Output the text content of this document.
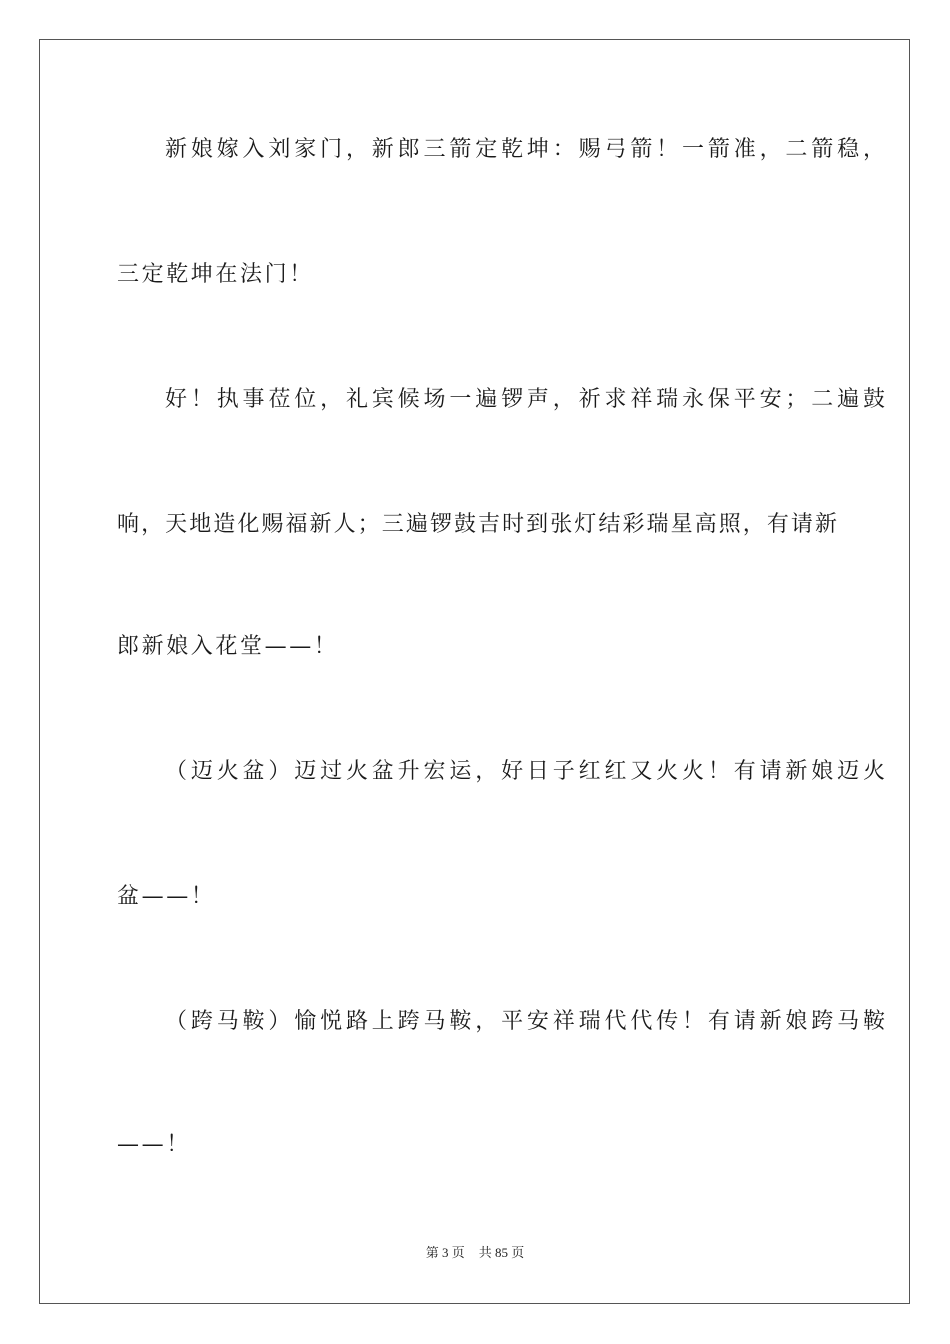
新娘嫁入刘家门，新郎三箭定乾坤：赐弓箭！一箭准，二箭稳，
三定乾坤在法门！
好！执事莅位，礼宾候场一遍锣声，祈求祥瑞永保平安；二遍鼓
响，天地造化赐福新人；三遍锣鼓吉时到张灯结彩瑞星高照，有请新
郎新娘入花堂——！
（迈火盆）迈过火盆升宏运，好日子红红又火火！有请新娘迈火
盆——！
（跨马鞍）愉悦路上跨马鞍，平安祥瑞代代传！有请新娘跨马鞍
——！
第 3 页 共 85 页
